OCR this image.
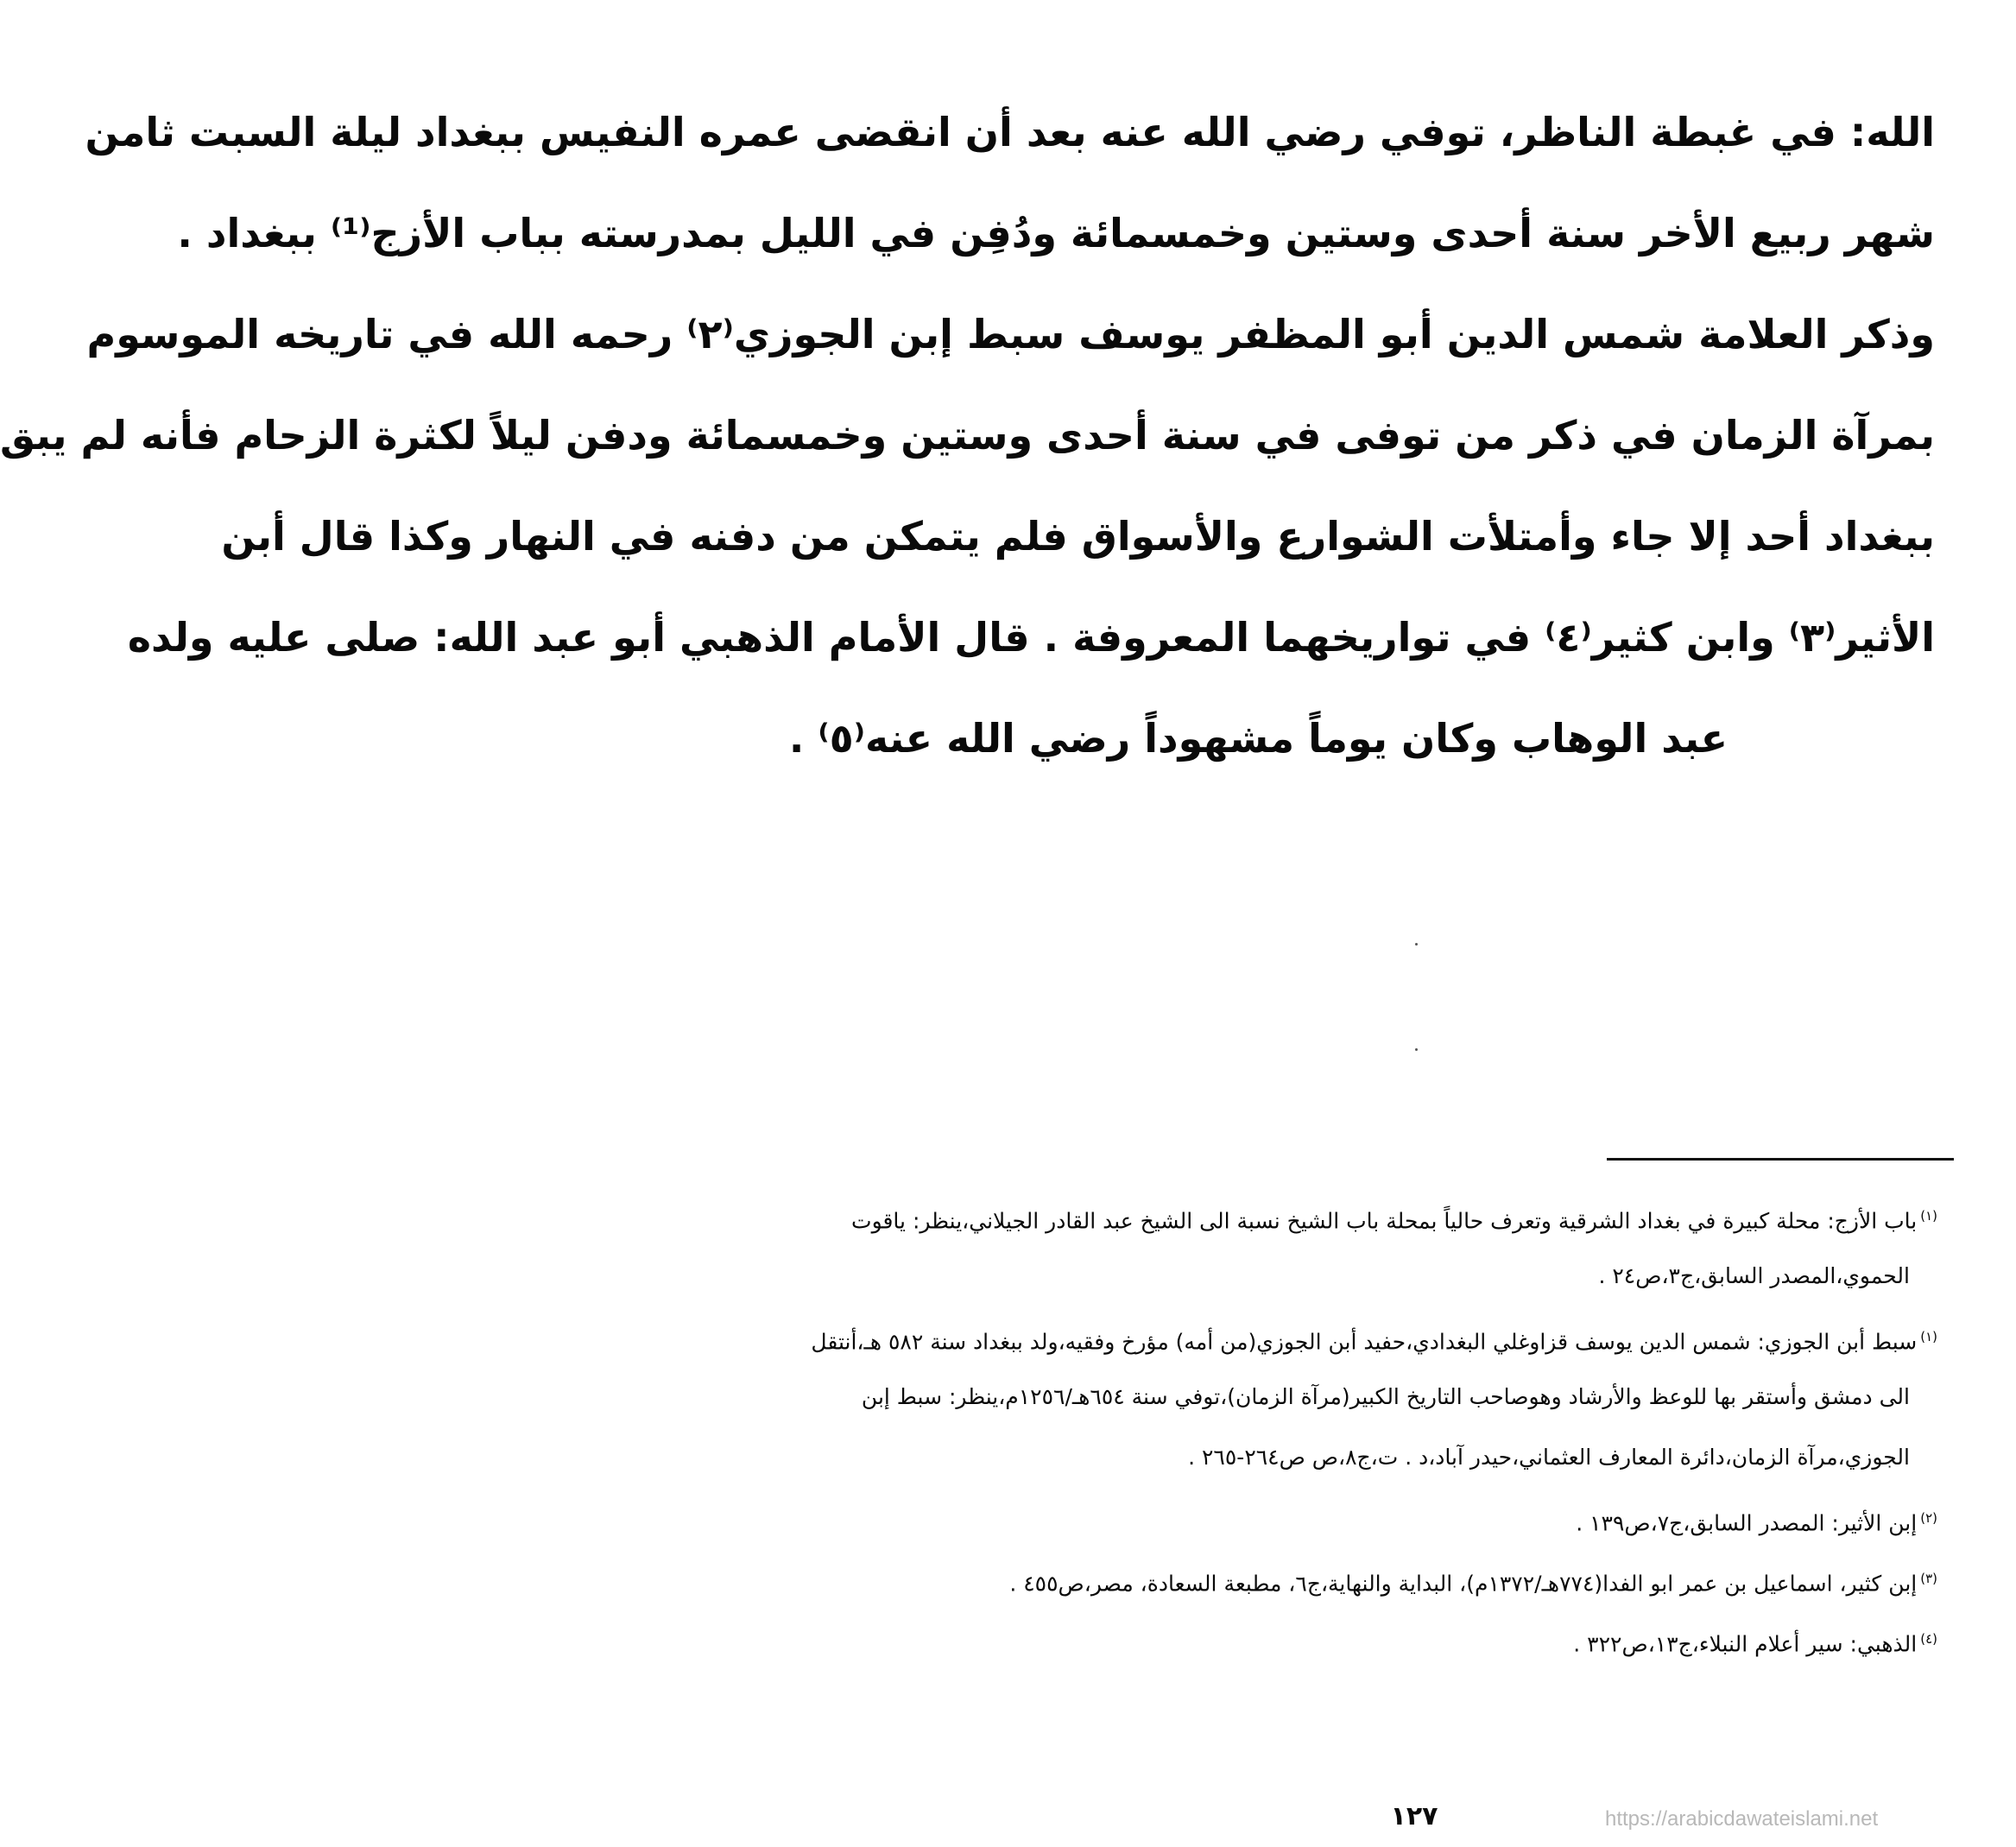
الله: في غبطة الناظر، توفي رضي الله عنه بعد أن انقضى عمره النفيس ببغداد ليلة السبت ثامن
شهر ربيع الأخر سنة أحدى وستين وخمسمائة ودُفِن في الليل بمدرسته بباب الأزج⁽¹⁾ ببغداد .
وذكر العلامة شمس الدين أبو المظفر يوسف سبط إبن الجوزي⁽٢⁾ رحمه الله في تاريخه الموسوم
بمرآة الزمان في ذكر من توفى في سنة أحدى وستين وخمسمائة ودفن ليلاً لكثرة الزحام فأنه لم يبق
ببغداد أحد إلا جاء وأمتلأت الشوارع والأسواق فلم يتمكن من دفنه في النهار وكذا قال أبن
الأثير⁽٣⁾ وابن كثير⁽٤⁾ في تواريخهما المعروفة . قال الأمام الذهبي أبو عبد الله: صلى عليه ولده
عبد الوهاب وكان يوماً مشهوداً رضي الله عنه⁽٥⁾ .
$^{(١)}$باب الأزج: محلة كبيرة في بغداد الشرقية وتعرف حالياً بمحلة باب الشيخ نسبة الى الشيخ عبد القادر الجيلاني،ينظر: ياقوت
الحموي،المصدر السابق،ج٣،ص٢٤ .
$^{(١)}$سبط أبن الجوزي: شمس الدين يوسف قزاوغلي البغدادي،حفيد أبن الجوزي(من أمه) مؤرخ وفقيه،ولد ببغداد سنة ٥٨٢ هـ،أنتقل
الى دمشق وأستقر بها للوعظ والأرشاد وهوصاحب التاريخ الكبير(مرآة الزمان)،توفي سنة ٦٥٤هـ/١٢٥٦م،ينظر: سبط إبن
الجوزي،مرآة الزمان،دائرة المعارف العثماني،حيدر آباد،د . ت،ج٨،ص ص٢٦٤-٢٦٥ .
$^{(٢)}$إبن الأثير: المصدر السابق،ج٧،ص١٣٩ .
$^{(٣)}$إبن كثير، اسماعيل بن عمر ابو الفدا(٧٧٤هـ/١٣٧٢م)، البداية والنهاية،ج٦، مطبعة السعادة، مصر،ص٤٥٥ .
$^{(٤)}$الذهبي: سير أعلام النبلاء،ج١٣،ص٣٢٢ .
١٢٧	https://arabicdawateislami.net
